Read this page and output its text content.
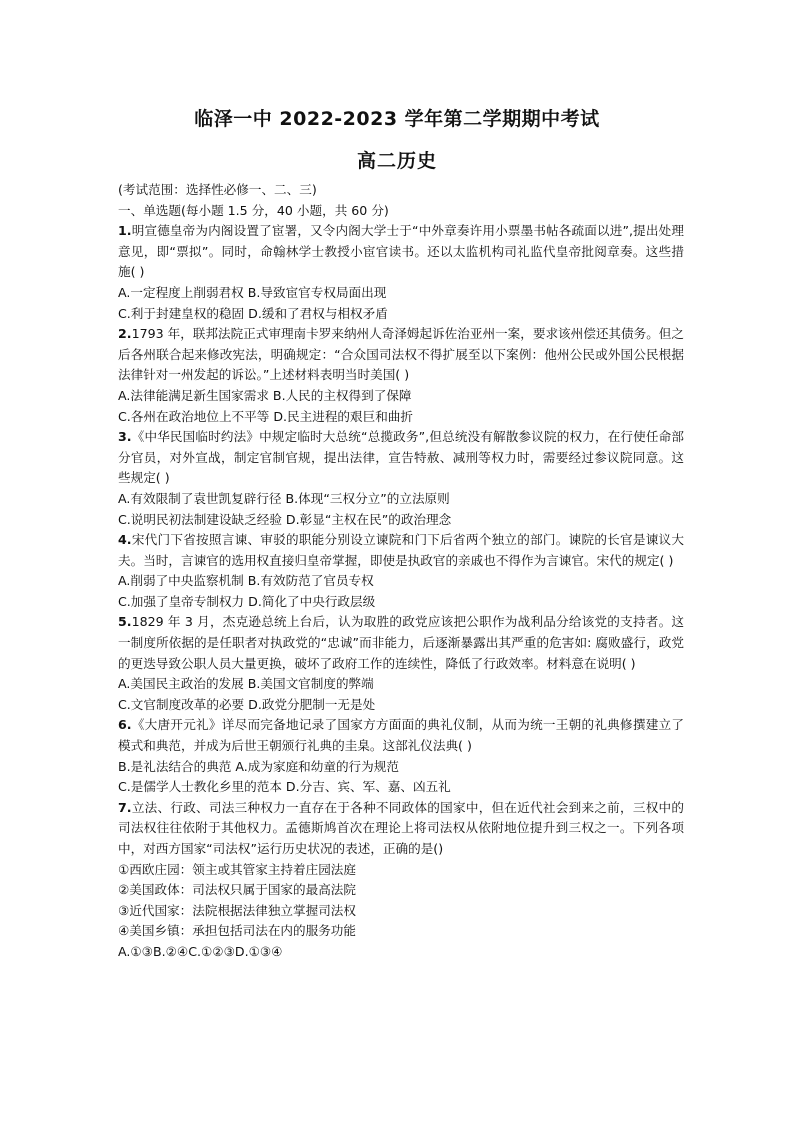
临泽一中 2022-2023 学年第二学期期中考试
高二历史

(考试范围：选择性必修一、二、三)

一、单选题(每小题 1.5 分，40 小题，共 60 分)

1.明宣德皇帝为内阁设置了宦署，又令内阁大学士于“中外章奏许用小票墨书帖各疏面以进”,提出处理意见，即“票拟”。同时，命翰林学士教授小宦官读书。还以太监机构司礼监代皇帝批阅章奏。这些措施( )

A.一定程度上削弱君权 B.导致宦官专权局面出现

C.利于封建皇权的稳固 D.缓和了君权与相权矛盾

2.1793 年，联邦法院正式审理南卡罗来纳州人奇泽姆起诉佐治亚州一案，要求该州偿还其债务。但之后各州联合起来修改宪法，明确规定：“合众国司法权不得扩展至以下案例：他州公民或外国公民根据法律针对一州发起的诉讼。”上述材料表明当时美国( )

A.法律能满足新生国家需求 B.人民的主权得到了保障

C.各州在政治地位上不平等 D.民主进程的艰巨和曲折

3.《中华民国临时约法》中规定临时大总统“总揽政务”,但总统没有解散参议院的权力，在行使任命部分官员，对外宣战，制定官制官规，提出法律，宣告特赦、减刑等权力时，需要经过参议院同意。这些规定( )

A.有效限制了袁世凯复辟行径 B.体现“三权分立”的立法原则

C.说明民初法制建设缺乏经验 D.彰显“主权在民”的政治理念

4.宋代门下省按照言谏、审驳的职能分别设立谏院和门下后省两个独立的部门。谏院的长官是谏议大夫。当时，言谏官的选用权直接归皇帝掌握，即使是执政官的亲戚也不得作为言谏官。宋代的规定( )

A.削弱了中央监察机制 B.有效防范了官员专权

C.加强了皇帝专制权力 D.简化了中央行政层级

5.1829 年 3 月，杰克逊总统上台后，认为取胜的政党应该把公职作为战利品分给该党的支持者。这一制度所依据的是任职者对执政党的“忠诚”而非能力，后逐渐暴露出其严重的危害如: 腐败盛行，政党的更迭导致公职人员大量更换，破坏了政府工作的连续性，降低了行政效率。材料意在说明( )

A.美国民主政治的发展 B.美国文官制度的弊端

C.文官制度改革的必要 D.政党分肥制一无是处

6.《大唐开元礼》详尽而完备地记录了国家方方面面的典礼仪制，从而为统一王朝的礼典修撰建立了模式和典范，并成为后世王朝颁行礼典的圭臬。这部礼仪法典( )

B.是礼法结合的典范 A.成为家庭和幼童的行为规范

C.是儒学人士教化乡里的范本 D.分吉、宾、军、嘉、凶五礼

7.立法、行政、司法三种权力一直存在于各种不同政体的国家中，但在近代社会到来之前，三权中的司法权往往依附于其他权力。孟德斯鸠首次在理论上将司法权从依附地位提升到三权之一。下列各项中，对西方国家“司法权”运行历史状况的表述，正确的是()

①西欧庄园：领主或其管家主持着庄园法庭

②美国政体：司法权只属于国家的最高法院

③近代国家：法院根据法律独立掌握司法权

④美国乡镇：承担包括司法在内的服务功能

A.①③B.②④C.①②③D.①③④
